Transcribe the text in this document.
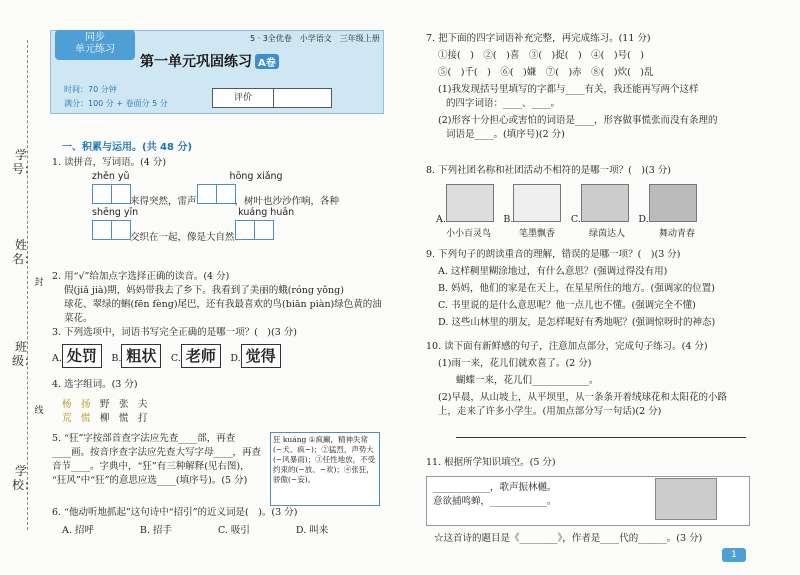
学号：
姓名：
班级：
学校：
封
线
同步
单元练习
5 · 3全优卷　小学语文　三年级上册
第一单元巩固练习 A卷
时间：70 分钟
满分：100 分 + 卷面分 5 分
评价
一、积累与运用。(共 48 分)
1. 读拼音，写词语。(4 分)
zhěn yǔ	hōng xiǎng
来得突然，雷声	，树叶也沙沙作响，各种
shēng yīn	kuáng huān
交织在一起，像是大自然
2. 用“√”给加点字选择正确的读音。(4 分)
假(jiǎ jià)期，妈妈带我去了乡下。我看到了美丽的蛾(róng yǒng)
球花、翠绿的蝌(fēn fèng)尾巴，还有我最喜欢的鸟(biān piàn)绿色黄的油菜花。
3. 下列选项中，词语书写完全正确的是哪一项？(　)(3 分)
A. 处罚　B. 粗状　C. 老师　D. 觉得
4. 选字组词。(3 分)
杨　扬　 野　张　夫
荒　慌　 柳　慌　打
5. “狂”字按部首查字法应先查____部，再查
____画。按音序查字法应先查大写字母____，再查
音节____。字典中，“狂”有三种解释(见右图)，
“狂风”中“狂”的意思应选____(填序号)。(5 分)
狂 kuáng ①疯癫，精神失常(~犬、疯~)；②猛烈，声势大(~风暴雨)；③任性地放，不受约束的(~放、~欢)；④张狂，骄傲(~妄)。
6. “他动听地抓起”这句诗中“招引”的近义词是(　)。(3 分)
A. 招呼	B. 招手	C. 吸引	D. 叫来
7. 把下面的四字词语补充完整，再完成练习。(11 分)
①接(　)　②(　)喜　③(　)捉(　)　④(　)号(　)
⑤(　)千(　)　⑥(　)嫌　⑦(　)赤　⑧(　)炊(　)乱
(1)我发现括号里填写的字都与____有关，我还能再写两个这样
的四字词语：____、____。
(2)形容十分担心或害怕的词语是____，形容做事慌张而没有条理的
词语是____。(填序号)(2 分)
8. 下列社团名称和社团活动不相符的是哪一项？(　)(3 分)
A.	　B.	　C.	　D.
小小百灵鸟	笔墨飘香	绿茵达人	舞动青春
9. 下列句子的朗读重音的理解，错误的是哪一项？(　)(3 分)
A. 这样稠里糊涂地过，有什么意思？(强调过得没有用)
B. 妈妈，他们的家是在天上，在星星所住的地方。(强调家的位置)
C. 书里说的是什么意思呢？他一点儿也不懂。(强调完全不懂)
D. 这些山林里的朋友，是怎样呢好有秀地呢？(强调惊呀时的神态)
10. 读下面有新鲜感的句子，注意加点部分，完成句子练习。(4 分)
(1)雨一来，花儿们就欢喜了。(2 分)
蝴蝶一来，花儿们____________。
(2)早晨，从山坡上，从平坝里，从一条条开着绒球花和太阳花的小路
上，走来了许多小学生。(用加点部分写一句话)(2 分)
11. 根据所学知识填空。(5 分)
____________，歌声振林樾。
意欲捕鸣蝉，____________。
☆这首诗的题目是《________》，作者是____代的______。(3 分)
1
